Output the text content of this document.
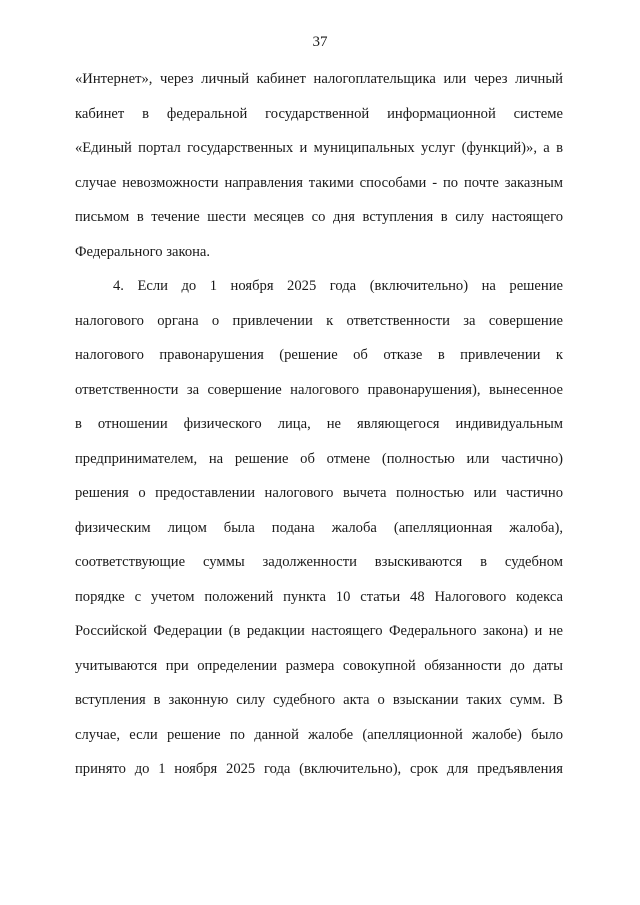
37
«Интернет», через личный кабинет налогоплательщика или через личный
кабинет в федеральной государственной информационной системе
«Единый портал государственных и муниципальных услуг (функций)», а в
случае невозможности направления такими способами - по почте заказным
письмом в течение шести месяцев со дня вступления в силу настоящего
Федерального закона.
4. Если до 1 ноября 2025 года (включительно) на решение
налогового органа о привлечении к ответственности за совершение
налогового правонарушения (решение об отказе в привлечении к
ответственности за совершение налогового правонарушения), вынесенное
в отношении физического лица, не являющегося индивидуальным
предпринимателем, на решение об отмене (полностью или частично)
решения о предоставлении налогового вычета полностью или частично
физическим лицом была подана жалоба (апелляционная жалоба),
соответствующие суммы задолженности взыскиваются в судебном
порядке с учетом положений пункта 10 статьи 48 Налогового кодекса
Российской Федерации (в редакции настоящего Федерального закона) и не
учитываются при определении размера совокупной обязанности до даты
вступления в законную силу судебного акта о взыскании таких сумм. В
случае, если решение по данной жалобе (апелляционной жалобе) было
принято до 1 ноября 2025 года (включительно), срок для предъявления
